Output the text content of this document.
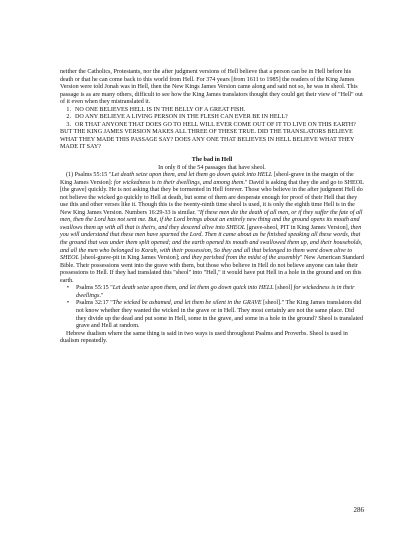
neither the Catholics, Protestants, nor the after judgment versions of Hell believe that a person can be in Hell before his death or that he can come back to this world from Hell. For 374 years [from 1611 to 1985] the readers of the King James Version were told Jonah was in Hell, then the New Kings James Version came along and said not so, he was in sheol. This passage is as are many others, difficult to see how the King James translators thought they could get their view of "Hell" out of it even when they mistranslated it.

1. NO ONE BELIEVES HELL IS IN THE BELLY OF A GREAT FISH.
2. DO ANY BELIEVE A LIVING PERSON IN THE FLESH CAN EVER BE IN HELL?
3. OR THAT ANYONE THAT DOES GO TO HELL WILL EVER COME OUT OF IT TO LIVE ON THIS EARTH?

BUT THE KING JAMES VERSION MAKES ALL THREE OF THESE TRUE. DID THE TRANSLATORS BELIEVE WHAT THEY MADE THIS PASSAGE SAY? DOES ANY ONE THAT BELIEVES IN HELL BELIEVE WHAT THEY MADE IT SAY?

The bad in Hell

In only 8 of the 54 passages that have sheol.

(1) Psalms 55:15 "Let death seize upon them, and let them go down quick into HELL [sheol-grave in the margin of the King James Version]: for wickedness is in their dwellings, and among them." David is asking that they die and go to SHEOL [the grave] quickly. He is not asking that they be tormented in Hell forever. Those who believe in the after judgment Hell do not believe the wicked go quickly to Hell at death, but some of them are desperate enough for proof of their Hell that they use this and other verses like it. Though this is the twenty-ninth time sheol is used, it is only the eighth time Hell is in the New King James Version. Numbers 16:29-33 is similar. "If these men die the death of all men, or if they suffer the fate of all men, then the Lord has not sent me. But, if the Lord brings about an entirely new thing and the ground opens its mouth and swallows them up with all that is theirs, and they descend alive into SHEOL [grave-sheol, PIT in King James Version], then you will understand that these men have spurned the Lord. Then it came about as he finished speaking all these words, that the ground that was under them split opened; and the earth opened its mouth and swallowed them up, and their households, and all the men who belonged to Korah, with their possession, So they and all that belonged to them went down alive to SHEOL [sheol-grave-pit in King James Version]; and they perished from the midst of the assembly" New American Standard Bible. Their possessions went into the grave with them, but those who believe in Hell do not believe anyone can take their possessions to Hell. If they had translated this "sheol" into "Hell," it would have put Hell in a hole in the ground and on this earth.

•	Psalms 55:15 "Let death seize upon them, and let them go down quick into HELL [sheol] for wickedness is in their dwellings."
•	Psalms 32:17 "The wicked be ashamed, and let them be silent in the GRAVE [sheol]." The King James translators did not know whether they wanted the wicked in the grave or in Hell. They most certainly are not the same place. Did they divide up the dead and put some in Hell, some in the grave, and some in a hole in the ground? Sheol is translated grave and Hell at random.

Hebrew dualism where the same thing is said in two ways is used throughout Psalms and Proverbs. Sheol is used in dualism repeatedly.

286
